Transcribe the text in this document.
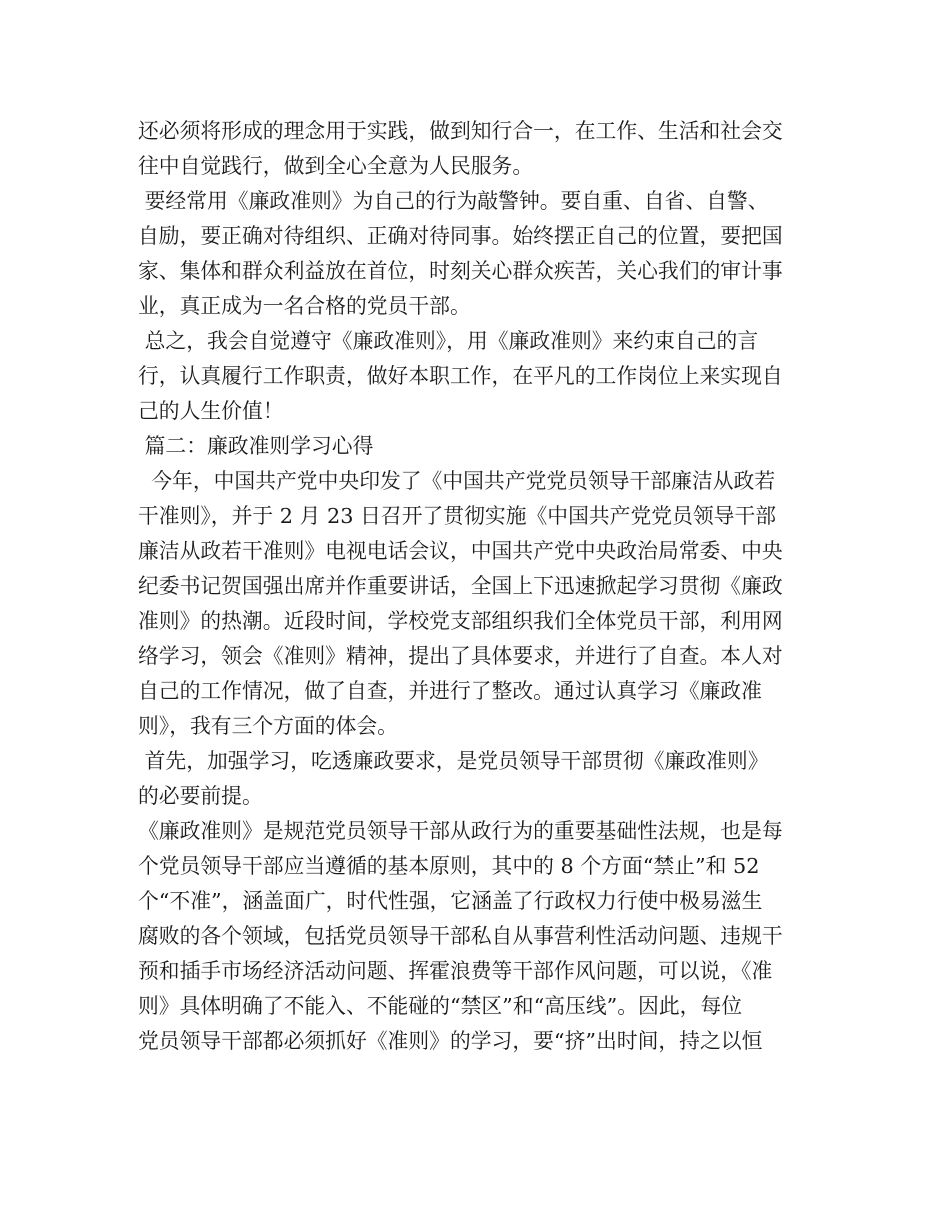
还必须将形成的理念用于实践，做到知行合一，在工作、生活和社会交
往中自觉践行，做到全心全意为人民服务。
要经常用《廉政准则》为自己的行为敲警钟。要自重、自省、自警、
自励，要正确对待组织、正确对待同事。始终摆正自己的位置，要把国
家、集体和群众利益放在首位，时刻关心群众疾苦，关心我们的审计事
业，真正成为一名合格的党员干部。
总之，我会自觉遵守《廉政准则》，用《廉政准则》来约束自己的言
行，认真履行工作职责，做好本职工作，在平凡的工作岗位上来实现自
己的人生价值！
篇二：廉政准则学习心得
今年，中国共产党中央印发了《中国共产党党员领导干部廉洁从政若
干准则》，并于 2 月 23 日召开了贯彻实施《中国共产党党员领导干部
廉洁从政若干准则》电视电话会议，中国共产党中央政治局常委、中央
纪委书记贺国强出席并作重要讲话，全国上下迅速掀起学习贯彻《廉政
准则》的热潮。近段时间，学校党支部组织我们全体党员干部，利用网
络学习，领会《准则》精神，提出了具体要求，并进行了自查。本人对
自己的工作情况，做了自查，并进行了整改。通过认真学习《廉政准
则》，我有三个方面的体会。
首先，加强学习，吃透廉政要求，是党员领导干部贯彻《廉政准则》
的必要前提。
《廉政准则》是规范党员领导干部从政行为的重要基础性法规，也是每
个党员领导干部应当遵循的基本原则，其中的 8 个方面“禁止”和 52
个“不准”，涵盖面广，时代性强，它涵盖了行政权力行使中极易滋生
腐败的各个领域，包括党员领导干部私自从事营利性活动问题、违规干
预和插手市场经济活动问题、挥霍浪费等干部作风问题，可以说，《准
则》具体明确了不能入、不能碰的“禁区”和“高压线”。因此，每位
党员领导干部都必须抓好《准则》的学习，要“挤”出时间，持之以恒
